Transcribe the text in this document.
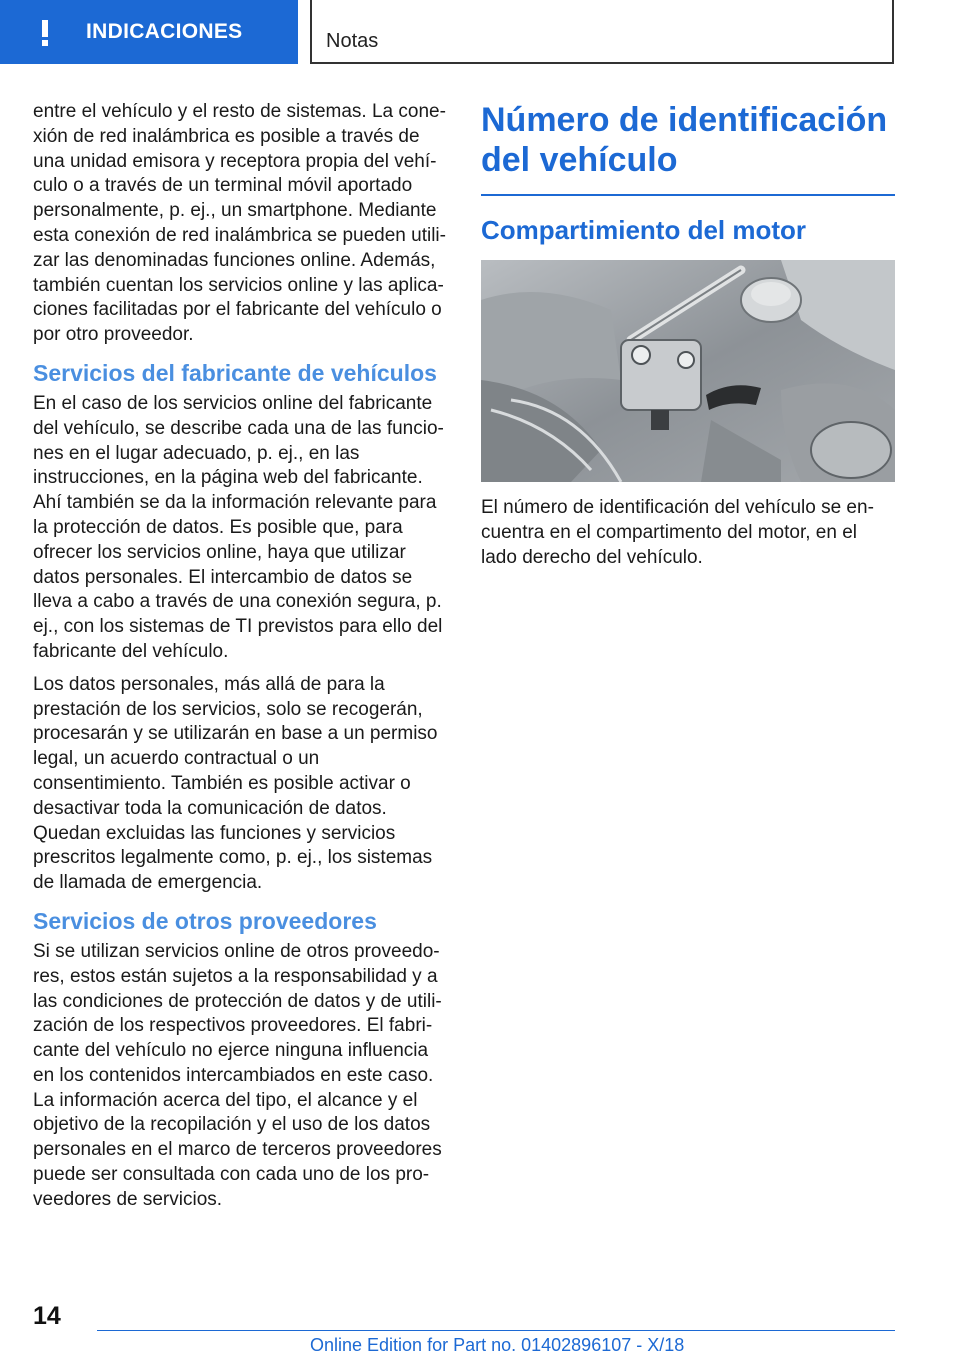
INDICACIONES	Notas

entre el vehículo y el resto de sistemas. La conexión de red inalámbrica es posible a través de una unidad emisora y receptora propia del vehículo o a través de un terminal móvil aportado personalmente, p. ej., un smartphone. Mediante esta conexión de red inalámbrica se pueden utilizar las denominadas funciones online. Además, también cuentan los servicios online y las aplicaciones facilitadas por el fabricante del vehículo o por otro proveedor.

Servicios del fabricante de vehículos

En el caso de los servicios online del fabricante del vehículo, se describe cada una de las funciones en el lugar adecuado, p. ej., en las instrucciones, en la página web del fabricante. Ahí también se da la información relevante para la protección de datos. Es posible que, para ofrecer los servicios online, haya que utilizar datos personales. El intercambio de datos se lleva a cabo a través de una conexión segura, p. ej., con los sistemas de TI previstos para ello del fabricante del vehículo.

Los datos personales, más allá de para la prestación de los servicios, solo se recogerán, procesarán y se utilizarán en base a un permiso legal, un acuerdo contractual o un consentimiento. También es posible activar o desactivar toda la comunicación de datos. Quedan excluidas las funciones y servicios prescritos legalmente como, p. ej., los sistemas de llamada de emergencia.

Servicios de otros proveedores

Si se utilizan servicios online de otros proveedores, estos están sujetos a la responsabilidad y a las condiciones de protección de datos y de utilización de los respectivos proveedores. El fabricante del vehículo no ejerce ninguna influencia en los contenidos intercambiados en este caso. La información acerca del tipo, el alcance y el objetivo de la recopilación y el uso de los datos personales en el marco de terceros proveedores puede ser consultada con cada uno de los proveedores de servicios.

Número de identificación del vehículo
Compartimiento del motor

El número de identificación del vehículo se encuentra en el compartimento del motor, en el lado derecho del vehículo.

14
Online Edition for Part no. 01402896107 - X/18
